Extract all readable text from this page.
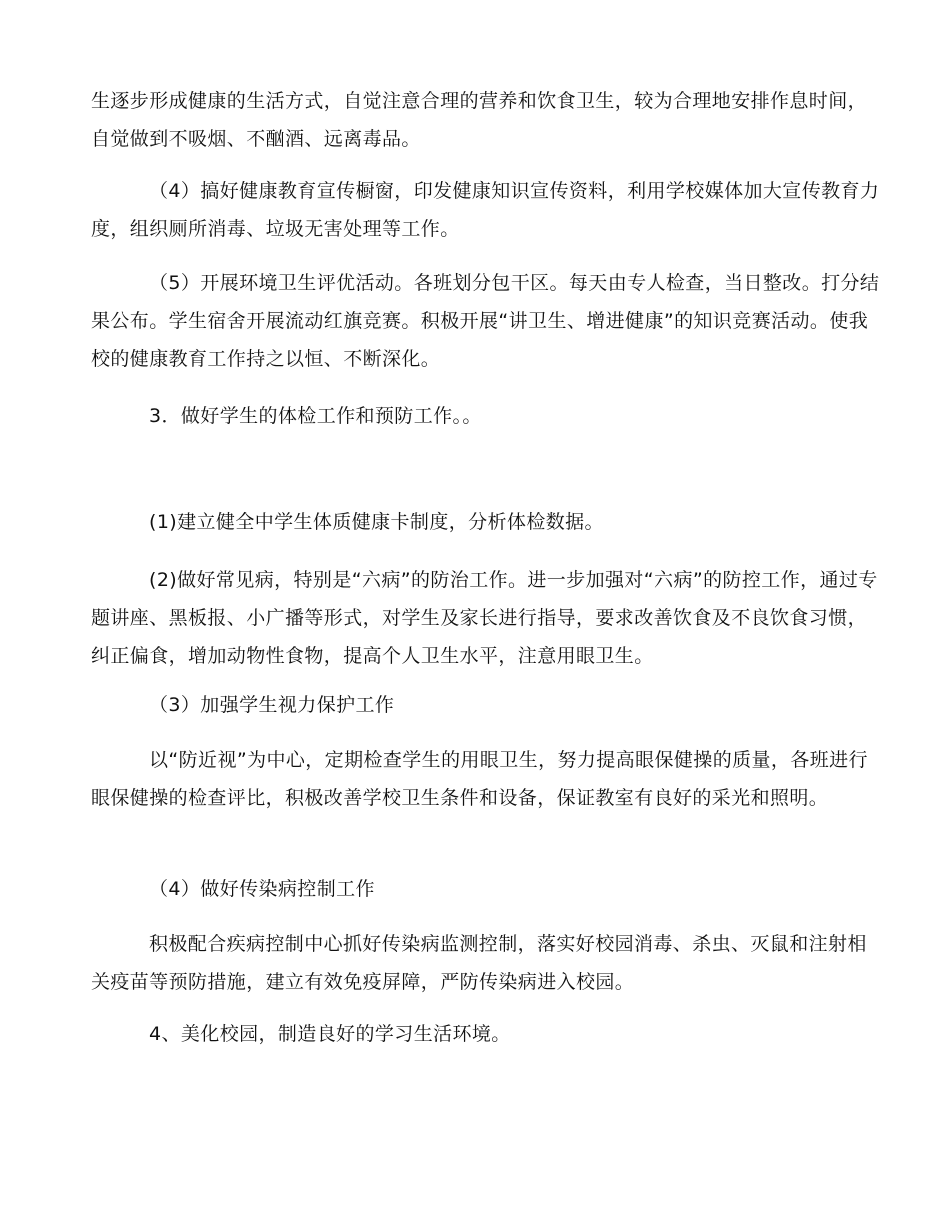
生逐步形成健康的生活方式，自觉注意合理的营养和饮食卫生，较为合理地安排作息时间，自觉做到不吸烟、不酗酒、远离毒品。

（4）搞好健康教育宣传橱窗，印发健康知识宣传资料，利用学校媒体加大宣传教育力度，组织厕所消毒、垃圾无害处理等工作。

（5）开展环境卫生评优活动。各班划分包干区。每天由专人检查，当日整改。打分结果公布。学生宿舍开展流动红旗竞赛。积极开展“讲卫生、增进健康”的知识竞赛活动。使我校的健康教育工作持之以恒、不断深化。

3．做好学生的体检工作和预防工作。。

(1)建立健全中学生体质健康卡制度，分析体检数据。

(2)做好常见病，特别是“六病”的防治工作。进一步加强对“六病”的防控工作，通过专题讲座、黑板报、小广播等形式，对学生及家长进行指导，要求改善饮食及不良饮食习惯，纠正偏食，增加动物性食物，提高个人卫生水平，注意用眼卫生。

（3）加强学生视力保护工作

以“防近视”为中心，定期检查学生的用眼卫生，努力提高眼保健操的质量，各班进行眼保健操的检查评比，积极改善学校卫生条件和设备，保证教室有良好的采光和照明。

（4）做好传染病控制工作

积极配合疾病控制中心抓好传染病监测控制，落实好校园消毒、杀虫、灭鼠和注射相关疫苗等预防措施，建立有效免疫屏障，严防传染病进入校园。

4、美化校园，制造良好的学习生活环境。
